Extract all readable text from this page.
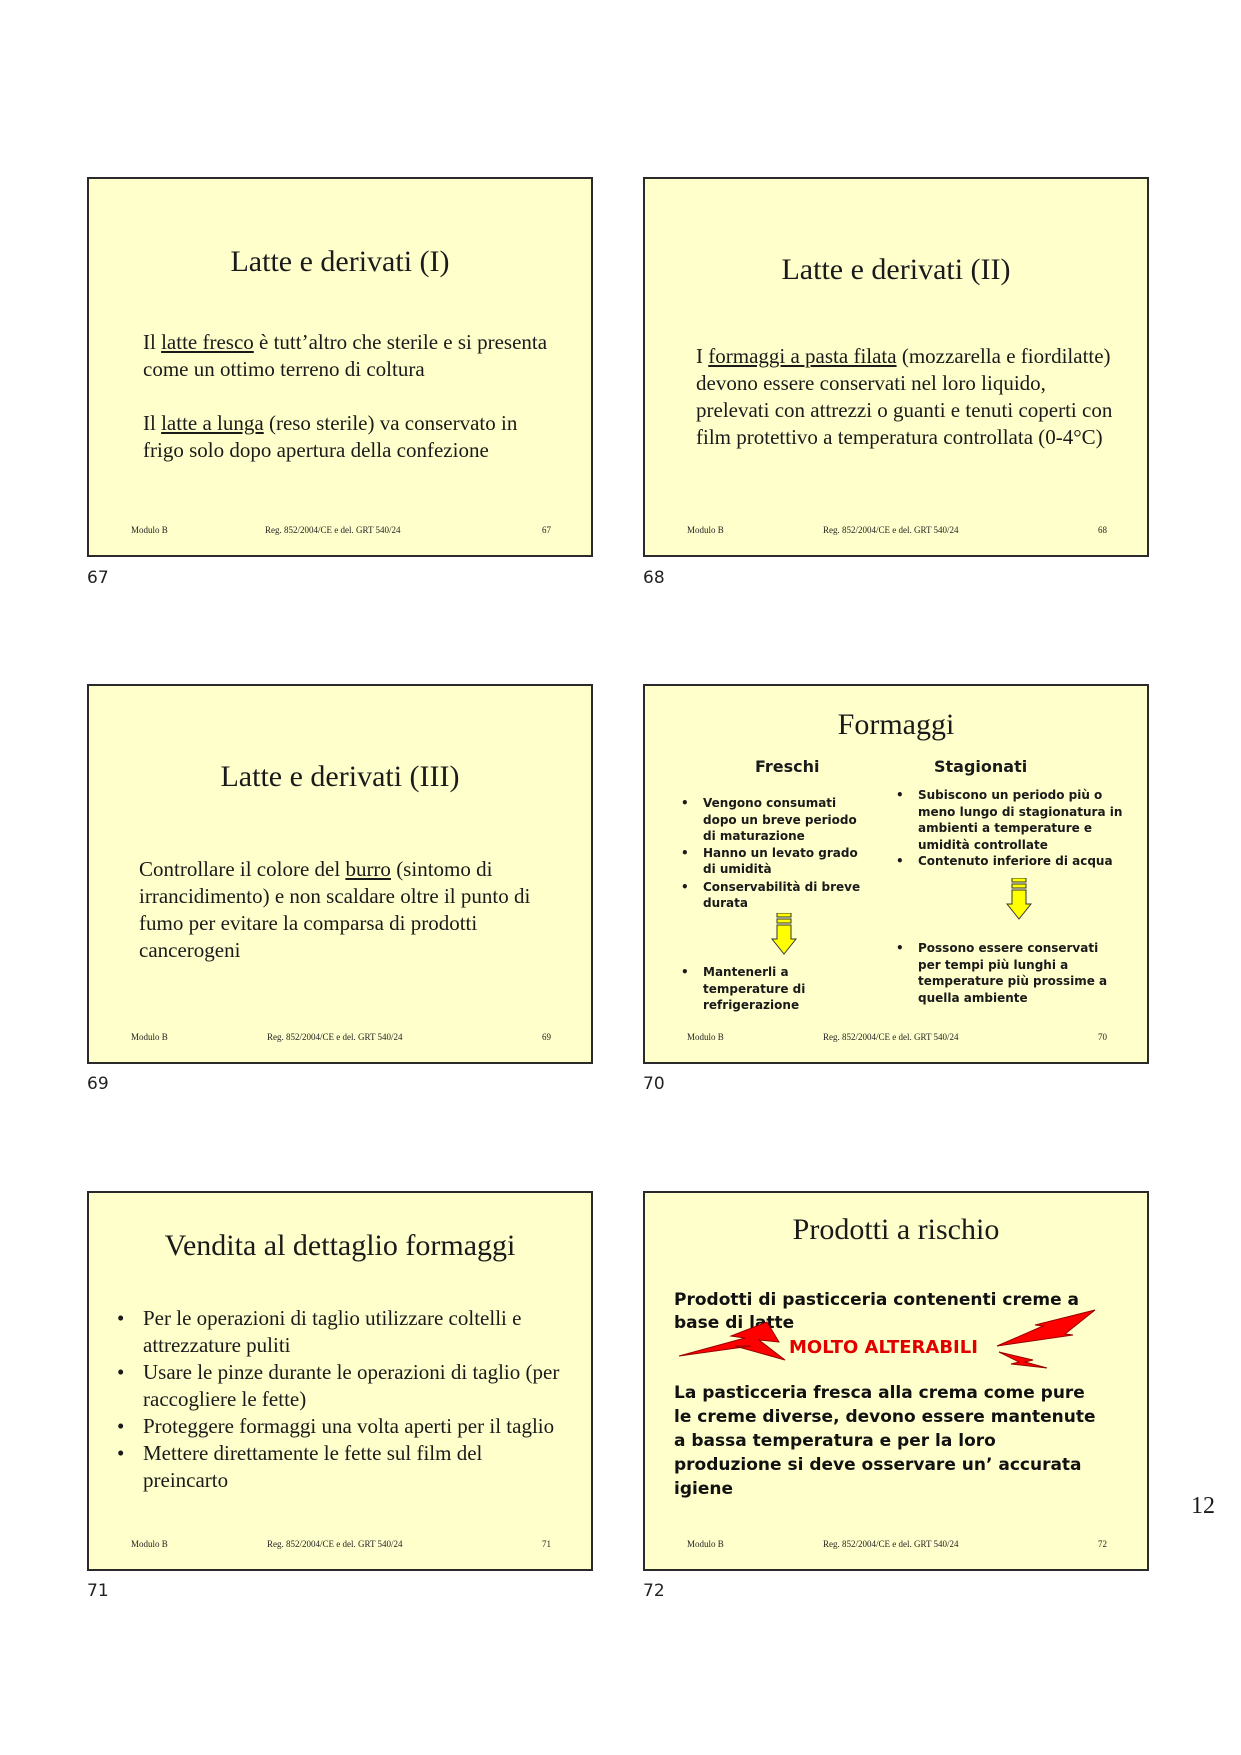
Latte e derivati (I)

Il latte fresco è tutt’altro che sterile e si presenta come un ottimo terreno di coltura

Il latte a lunga (reso sterile) va conservato in frigo solo dopo apertura della confezione

Modulo B	Reg. 852/2004/CE e del. GRT 540/24	67
67
Latte e derivati (II)

I formaggi a pasta filata (mozzarella e fiordilatte) devono essere conservati nel loro liquido, prelevati con attrezzi o guanti e tenuti coperti con film protettivo a temperatura controllata (0-4°C)

Modulo B	Reg. 852/2004/CE e del. GRT 540/24	68
68
Latte e derivati (III)

Controllare il colore del burro (sintomo di irrancidimento) e non scaldare oltre il punto di fumo per evitare la comparsa di prodotti cancerogeni

Modulo B	Reg. 852/2004/CE e del. GRT 540/24	69
69
Formaggi
Freschi	Stagionati
• Vengono consumati dopo un breve periodo di maturazione
• Hanno un levato grado di umidità
• Conservabilità di breve durata
• Subiscono un periodo più o meno lungo di stagionatura in ambienti a temperature e umidità controllate
• Contenuto inferiore di acqua
• Mantenerli a temperature di refrigerazione
• Possono essere conservati per tempi più lunghi a temperature più prossime a quella ambiente
Modulo B	Reg. 852/2004/CE e del. GRT 540/24	70
70
Vendita al dettaglio formaggi
• Per le operazioni di taglio utilizzare coltelli e attrezzature puliti
• Usare le pinze durante le operazioni di taglio (per raccogliere le fette)
• Proteggere formaggi una volta aperti per il taglio
• Mettere direttamente le fette sul film del preincarto
Modulo B	Reg. 852/2004/CE e del. GRT 540/24	71
71
Prodotti a rischio
Prodotti di pasticceria contenenti creme a base di latte
MOLTO ALTERABILI
La pasticceria fresca alla crema come pure le creme diverse, devono essere mantenute a bassa temperatura e per la loro produzione si deve osservare un’ accurata igiene
Modulo B	Reg. 852/2004/CE e del. GRT 540/24	72
72
12
